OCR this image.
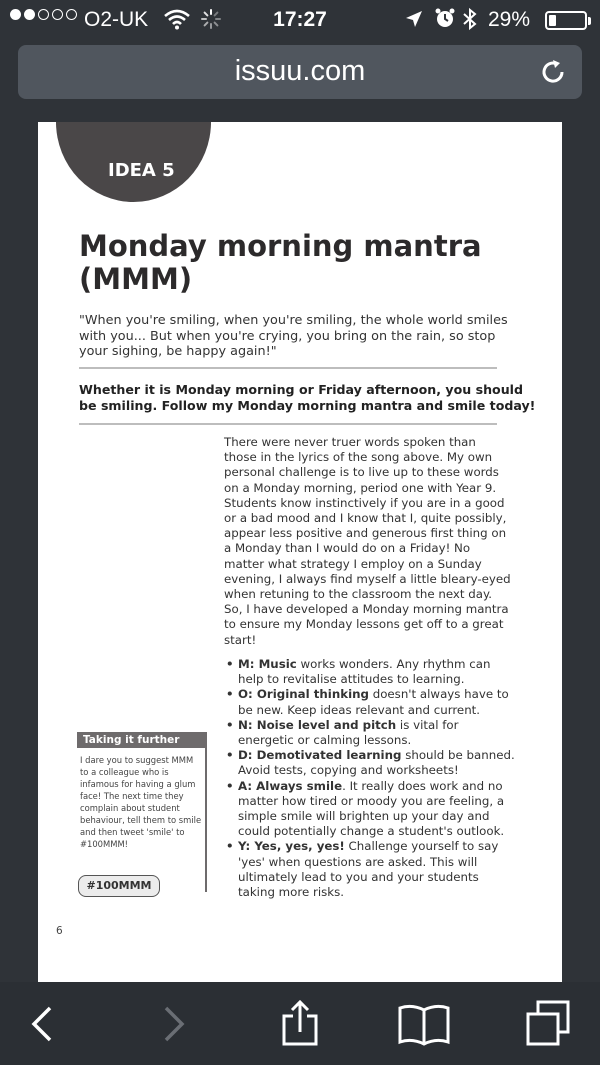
O2-UK	17:27	29%
issuu.com
IDEA 5
Monday morning mantra (MMM)

"When you're smiling, when you're smiling, the whole world smiles with you... But when you're crying, you bring on the rain, so stop your sighing, be happy again!"

Whether it is Monday morning or Friday afternoon, you should be smiling. Follow my Monday morning mantra and smile today!

There were never truer words spoken than those in the lyrics of the song above. My own personal challenge is to live up to these words on a Monday morning, period one with Year 9. Students know instinctively if you are in a good or a bad mood and I know that I, quite possibly, appear less positive and generous first thing on a Monday than I would do on a Friday! No matter what strategy I employ on a Sunday evening, I always find myself a little bleary-eyed when retuning to the classroom the next day. So, I have developed a Monday morning mantra to ensure my Monday lessons get off to a great start!

• M: Music works wonders. Any rhythm can help to revitalise attitudes to learning.
• O: Original thinking doesn't always have to be new. Keep ideas relevant and current.
• N: Noise level and pitch is vital for energetic or calming lessons.
• D: Demotivated learning should be banned. Avoid tests, copying and worksheets!
• A: Always smile. It really does work and no matter how tired or moody you are feeling, a simple smile will brighten up your day and could potentially change a student's outlook.
• Y: Yes, yes, yes! Challenge yourself to say 'yes' when questions are asked. This will ultimately lead to you and your students taking more risks.
Taking it further

I dare you to suggest MMM to a colleague who is infamous for having a glum face! The next time they complain about student behaviour, tell them to smile and then tweet 'smile' to #100MMM!

#100MMM
6
